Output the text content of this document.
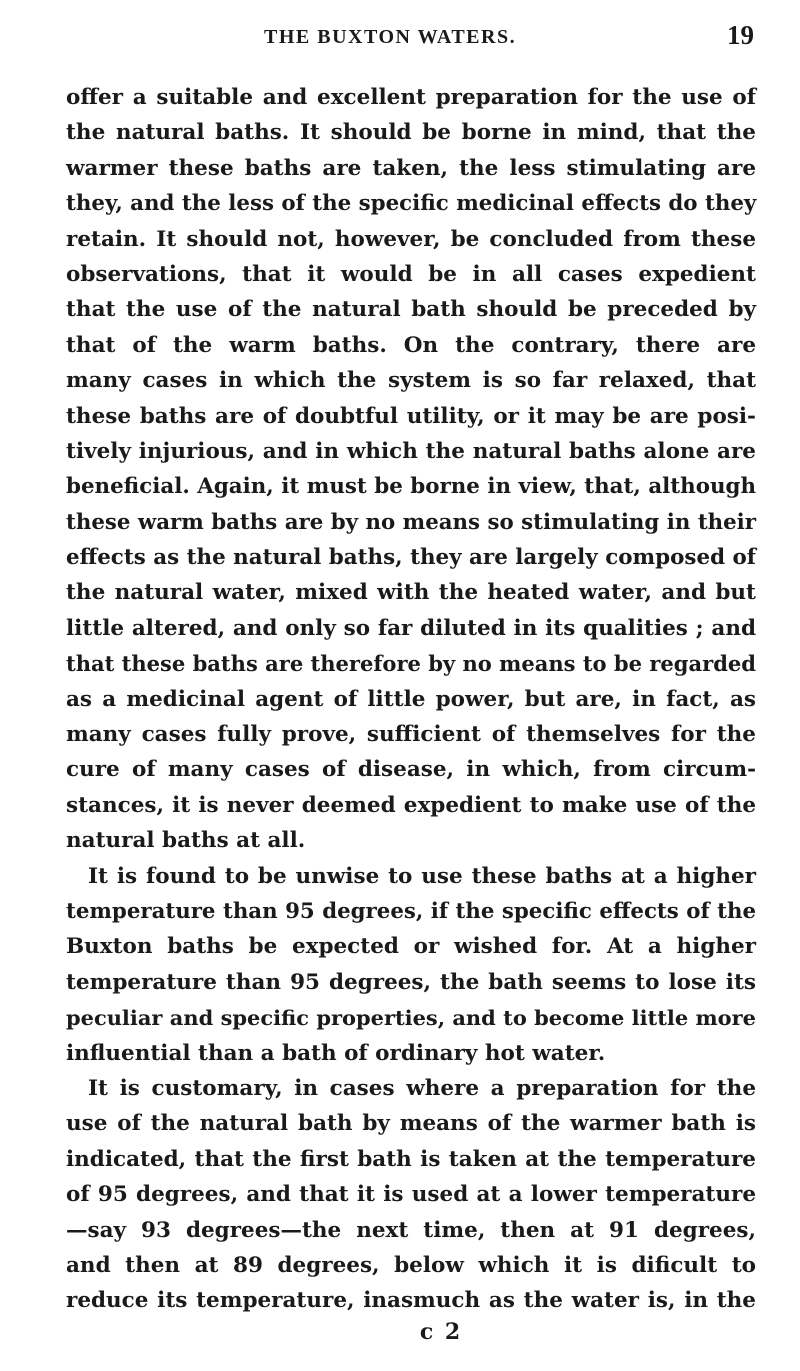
THE BUXTON WATERS.	19
offer a suitable and excellent preparation for the use of
the natural baths. It should be borne in mind, that the
warmer these baths are taken, the less stimulating are
they, and the less of the specific medicinal effects do they
retain. It should not, however, be concluded from these
observations, that it would be in all cases expedient
that the use of the natural bath should be preceded by
that of the warm baths. On the contrary, there are
many cases in which the system is so far relaxed, that
these baths are of doubtful utility, or it may be are posi-
tively injurious, and in which the natural baths alone are
beneficial. Again, it must be borne in view, that, although
these warm baths are by no means so stimulating in their
effects as the natural baths, they are largely composed of
the natural water, mixed with the heated water, and but
little altered, and only so far diluted in its qualities ; and
that these baths are therefore by no means to be regarded
as a medicinal agent of little power, but are, in fact, as
many cases fully prove, sufficient of themselves for the
cure of many cases of disease, in which, from circum-
stances, it is never deemed expedient to make use of the
natural baths at all.
It is found to be unwise to use these baths at a higher
temperature than 95 degrees, if the specific effects of the
Buxton baths be expected or wished for. At a higher
temperature than 95 degrees, the bath seems to lose its
peculiar and specific properties, and to become little more
influential than a bath of ordinary hot water.
It is customary, in cases where a preparation for the
use of the natural bath by means of the warmer bath is
indicated, that the first bath is taken at the temperature
of 95 degrees, and that it is used at a lower temperature
—say 93 degrees—the next time, then at 91 degrees,
and then at 89 degrees, below which it is dificult to
reduce its temperature, inasmuch as the water is, in the
c 2
